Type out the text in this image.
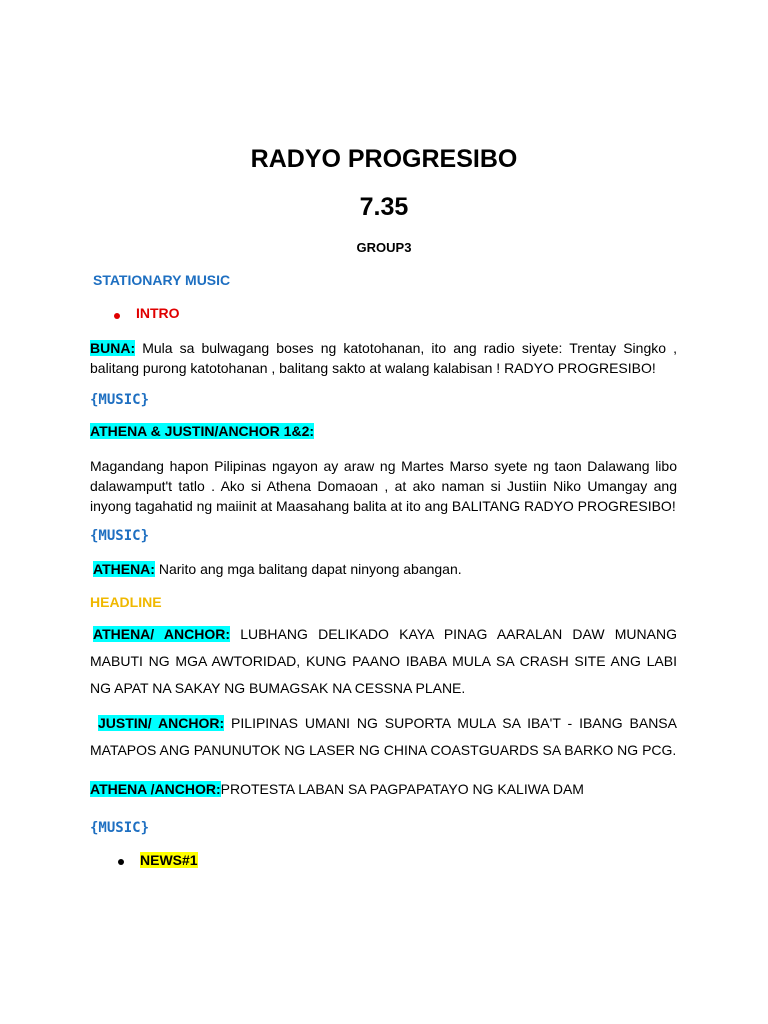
RADYO PROGRESIBO
7.35
GROUP3
STATIONARY MUSIC
INTRO
BUNA: Mula sa bulwagang boses ng katotohanan, ito ang radio siyete: Trentay Singko , balitang purong katotohanan , balitang sakto at walang kalabisan ! RADYO PROGRESIBO!
{MUSIC}
ATHENA & JUSTIN/ANCHOR 1&2:
Magandang hapon Pilipinas ngayon ay araw ng Martes Marso syete ng taon Dalawang libo dalawamput't tatlo . Ako si Athena Domaoan , at ako naman si Justiin Niko Umangay ang inyong tagahatid ng maiinit at Maasahang balita at ito ang BALITANG RADYO PROGRESIBO!
{MUSIC}
ATHENA: Narito ang mga balitang dapat ninyong abangan.
HEADLINE
ATHENA/ ANCHOR: LUBHANG DELIKADO KAYA PINAG AARALAN DAW MUNANG MABUTI NG MGA AWTORIDAD, KUNG PAANO IBABA MULA SA CRASH SITE ANG LABI NG APAT NA SAKAY NG BUMAGSAK NA CESSNA PLANE.
JUSTIN/ ANCHOR: PILIPINAS UMANI NG SUPORTA MULA SA IBA'T - IBANG BANSA MATAPOS ANG PANUNUTOK NG LASER NG CHINA COASTGUARDS SA BARKO NG PCG.
ATHENA /ANCHOR:PROTESTA LABAN SA PAGPAPATAYO NG KALIWA DAM
{MUSIC}
NEWS#1
